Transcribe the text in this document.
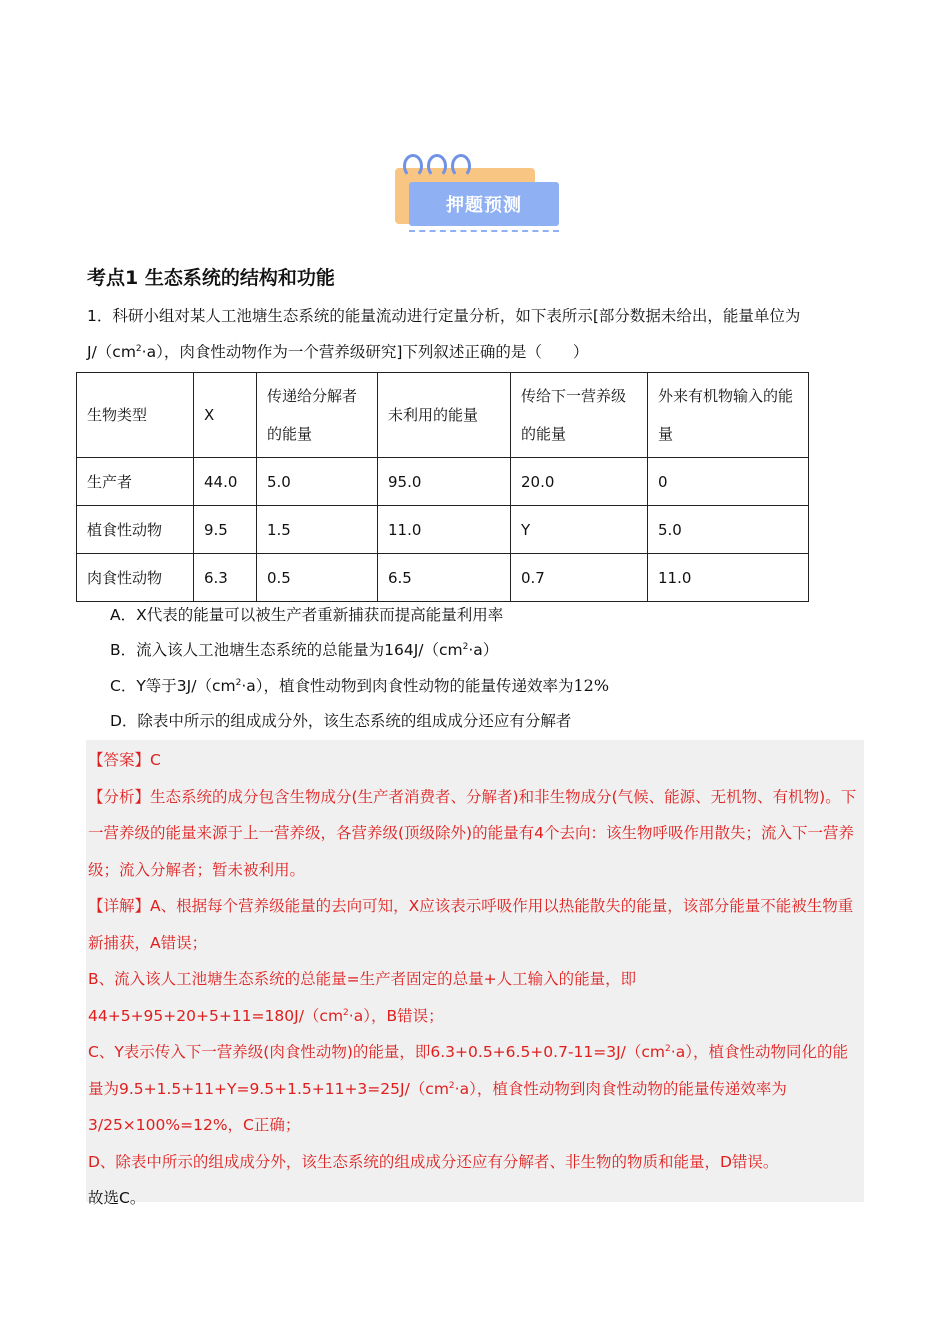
押题预测
考点1 生态系统的结构和功能
1．科研小组对某人工池塘生态系统的能量流动进行定量分析，如下表所示[部分数据未给出，能量单位为
$J/(cm^2\cdot a)$，肉食性动物作为一个营养级研究]下列叙述正确的是（　　）
生物类型	X	传递给分解者的能量	未利用的能量	传给下一营养级的能量	外来有机物输入的能量
生产者	44.0	5.0	95.0	20.0	0
植食性动物	9.5	1.5	11.0	Y	5.0
肉食性动物	6.3	0.5	6.5	0.7	11.0
A．X代表的能量可以被生产者重新捕获而提高能量利用率
B．流入该人工池塘生态系统的总能量为$164J/(cm^2\cdot a)$
C．Y等于$3J/(cm^2\cdot a)$，植食性动物到肉食性动物的能量传递效率为12%
D．除表中所示的组成成分外，该生态系统的组成成分还应有分解者
【答案】C
【分析】生态系统的成分包含生物成分(生产者消费者、分解者)和非生物成分(气候、能源、无机物、有机物)。下一营养级的能量来源于上一营养级，各营养级(顶级除外)的能量有4个去向：该生物呼吸作用散失；流入下一营养级；流入分解者；暂未被利用。
【详解】A、根据每个营养级能量的去向可知，X应该表示呼吸作用以热能散失的能量，该部分能量不能被生物重新捕获，A错误；
B、流入该人工池塘生态系统的总能量=生产者固定的总量+人工输入的能量，即
$44+5+95+20+5+11=180J/(cm^2\cdot a)$，B错误；
C、Y表示传入下一营养级(肉食性动物)的能量，即$6.3+0.5+6.5+0.7-11=3J/(cm^2\cdot a)$，植食性动物同化的能量为$9.5+1.5+11+Y=9.5+1.5+11+3=25J/(cm^2\cdot a)$，植食性动物到肉食性动物的能量传递效率为
3/25×100%=12%，C正确；
D、除表中所示的组成成分外，该生态系统的组成成分还应有分解者、非生物的物质和能量，D错误。
故选C。
